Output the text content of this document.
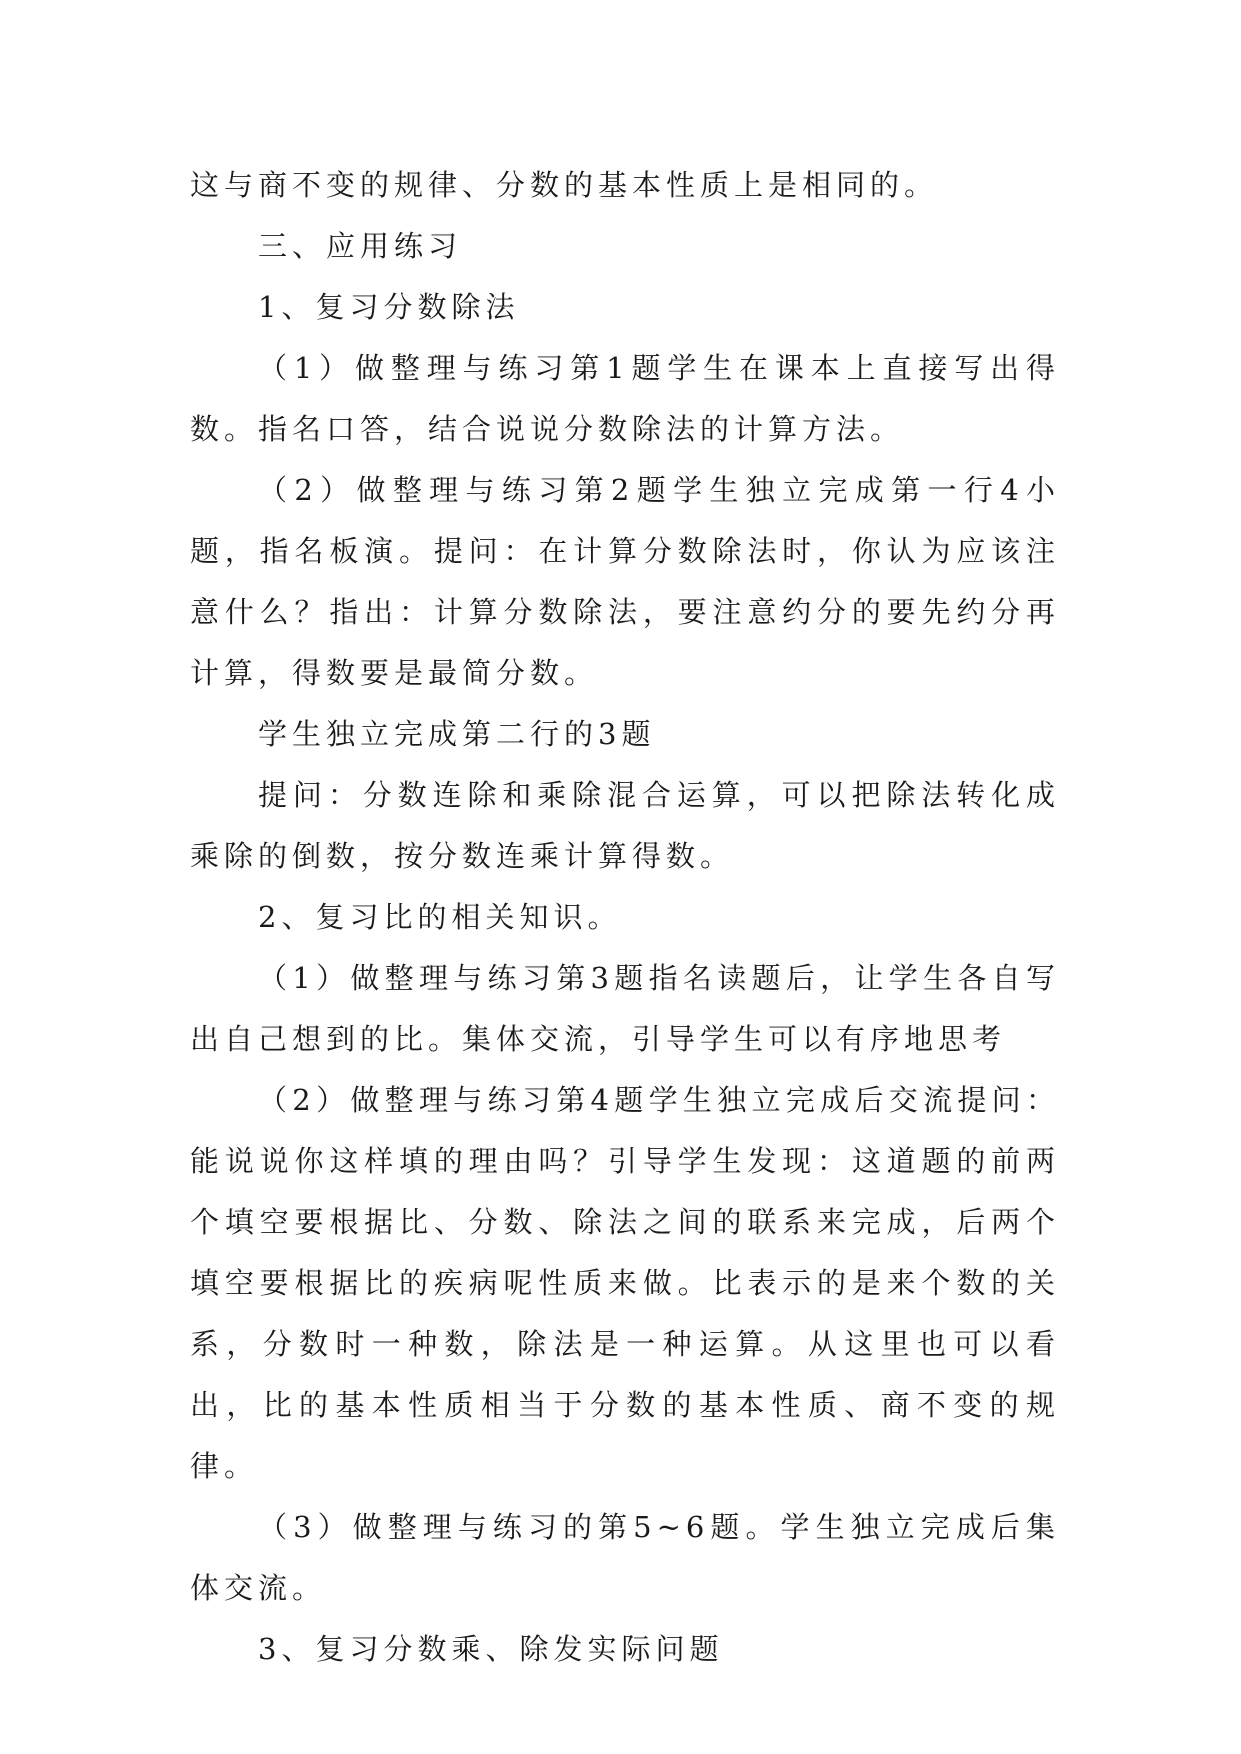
这与商不变的规律、分数的基本性质上是相同的。

三、应用练习

1、复习分数除法

（1）做整理与练习第1题学生在课本上直接写出得数。指名口答，结合说说分数除法的计算方法。

（2）做整理与练习第2题学生独立完成第一行4小题，指名板演。提问：在计算分数除法时，你认为应该注意什么？指出：计算分数除法，要注意约分的要先约分再计算，得数要是最简分数。

学生独立完成第二行的3题

提问：分数连除和乘除混合运算，可以把除法转化成乘除的倒数，按分数连乘计算得数。

2、复习比的相关知识。

（1）做整理与练习第3题指名读题后，让学生各自写出自己想到的比。集体交流，引导学生可以有序地思考

（2）做整理与练习第4题学生独立完成后交流提问：能说说你这样填的理由吗？引导学生发现：这道题的前两个填空要根据比、分数、除法之间的联系来完成，后两个填空要根据比的疾病呢性质来做。比表示的是来个数的关系，分数时一种数，除法是一种运算。从这里也可以看出，比的基本性质相当于分数的基本性质、商不变的规律。

（3）做整理与练习的第5~6题。学生独立完成后集体交流。

3、复习分数乘、除发实际问题
